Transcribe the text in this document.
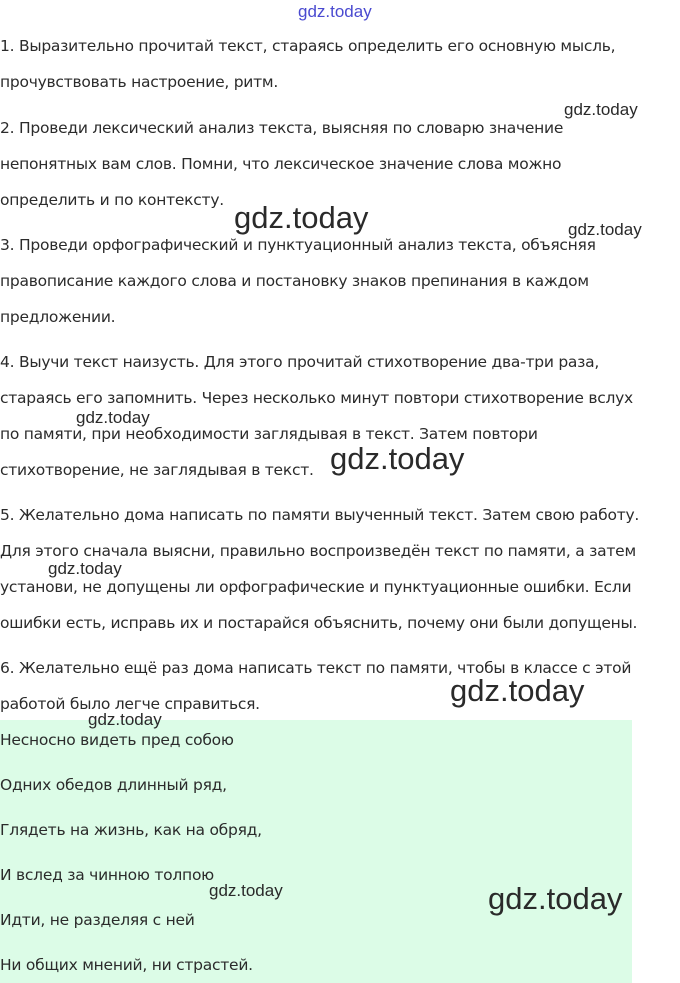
gdz.today
1. Выразительно прочитай текст, стараясь определить его основную мысль,
прочувствовать настроение, ритм.
2. Проведи лексический анализ текста, выясняя по словарю значение
непонятных вам слов. Помни, что лексическое значение слова можно
определить и по контексту.
3. Проведи орфографический и пунктуационный анализ текста, объясняя
правописание каждого слова и постановку знаков препинания в каждом
предложении.
4. Выучи текст наизусть. Для этого прочитай стихотворение два-три раза,
стараясь его запомнить. Через несколько минут повтори стихотворение вслух
по памяти, при необходимости заглядывая в текст. Затем повтори
стихотворение, не заглядывая в текст.
5. Желательно дома написать по памяти выученный текст. Затем свою работу.
Для этого сначала выясни, правильно воспроизведён текст по памяти, а затем
установи, не допущены ли орфографические и пунктуационные ошибки. Если
ошибки есть, исправь их и постарайся объяснить, почему они были допущены.
6. Желательно ещё раз дома написать текст по памяти, чтобы в классе с этой
работой было легче справиться.
Несносно видеть пред собою
Одних обедов длинный ряд,
Глядеть на жизнь, как на обряд,
И вслед за чинною толпою
Идти, не разделяя с ней
Ни общих мнений, ни страстей.
gdz.today
gdz.today	gdz.today
gdz.today
gdz.today
gdz.today
gdz.today
gdz.today
gdz.today
gdz.today
